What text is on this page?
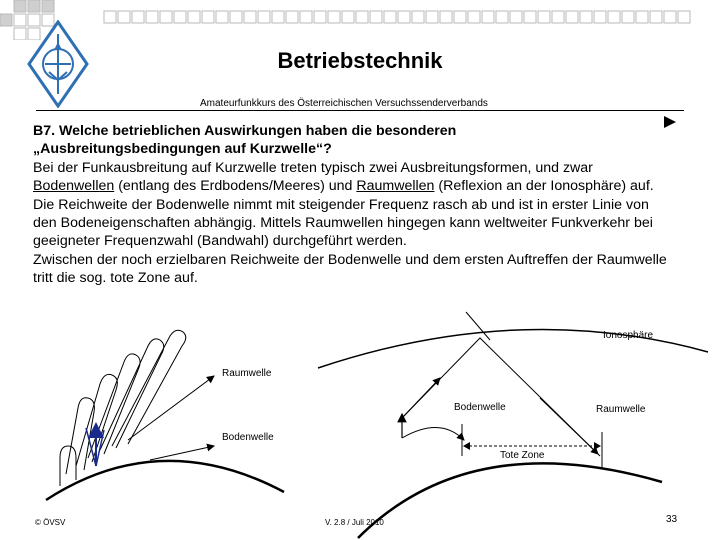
Betriebstechnik
Amateurfunkkurs des Österreichischen Versuchssenderverbands

B7. Welche betrieblichen Auswirkungen haben die besonderen
„Ausbreitungsbedingungen auf Kurzwelle“?

Bei der Funkausbreitung auf Kurzwelle treten typisch zwei Ausbreitungsformen, und zwar Bodenwellen (entlang des Erdbodens/Meeres) und Raumwellen (Reflexion an der Ionosphäre) auf.

Die Reichweite der Bodenwelle nimmt mit steigender Frequenz rasch ab und ist in erster Linie von den Bodeneigenschaften abhängig. Mittels Raumwellen hingegen kann weltweiter Funkverkehr bei geeigneter Frequenzwahl (Bandwahl) durchgeführt werden.

Zwischen der noch erzielbaren Reichweite der Bodenwelle und dem ersten Auftreffen der Raumwelle tritt die sog. tote Zone auf.

Raumwelle
Bodenwelle
Ionosphäre
Bodenwelle	Raumwelle
Tote Zone
© ÖVSV	V. 2.8 / Juli 2010	33
